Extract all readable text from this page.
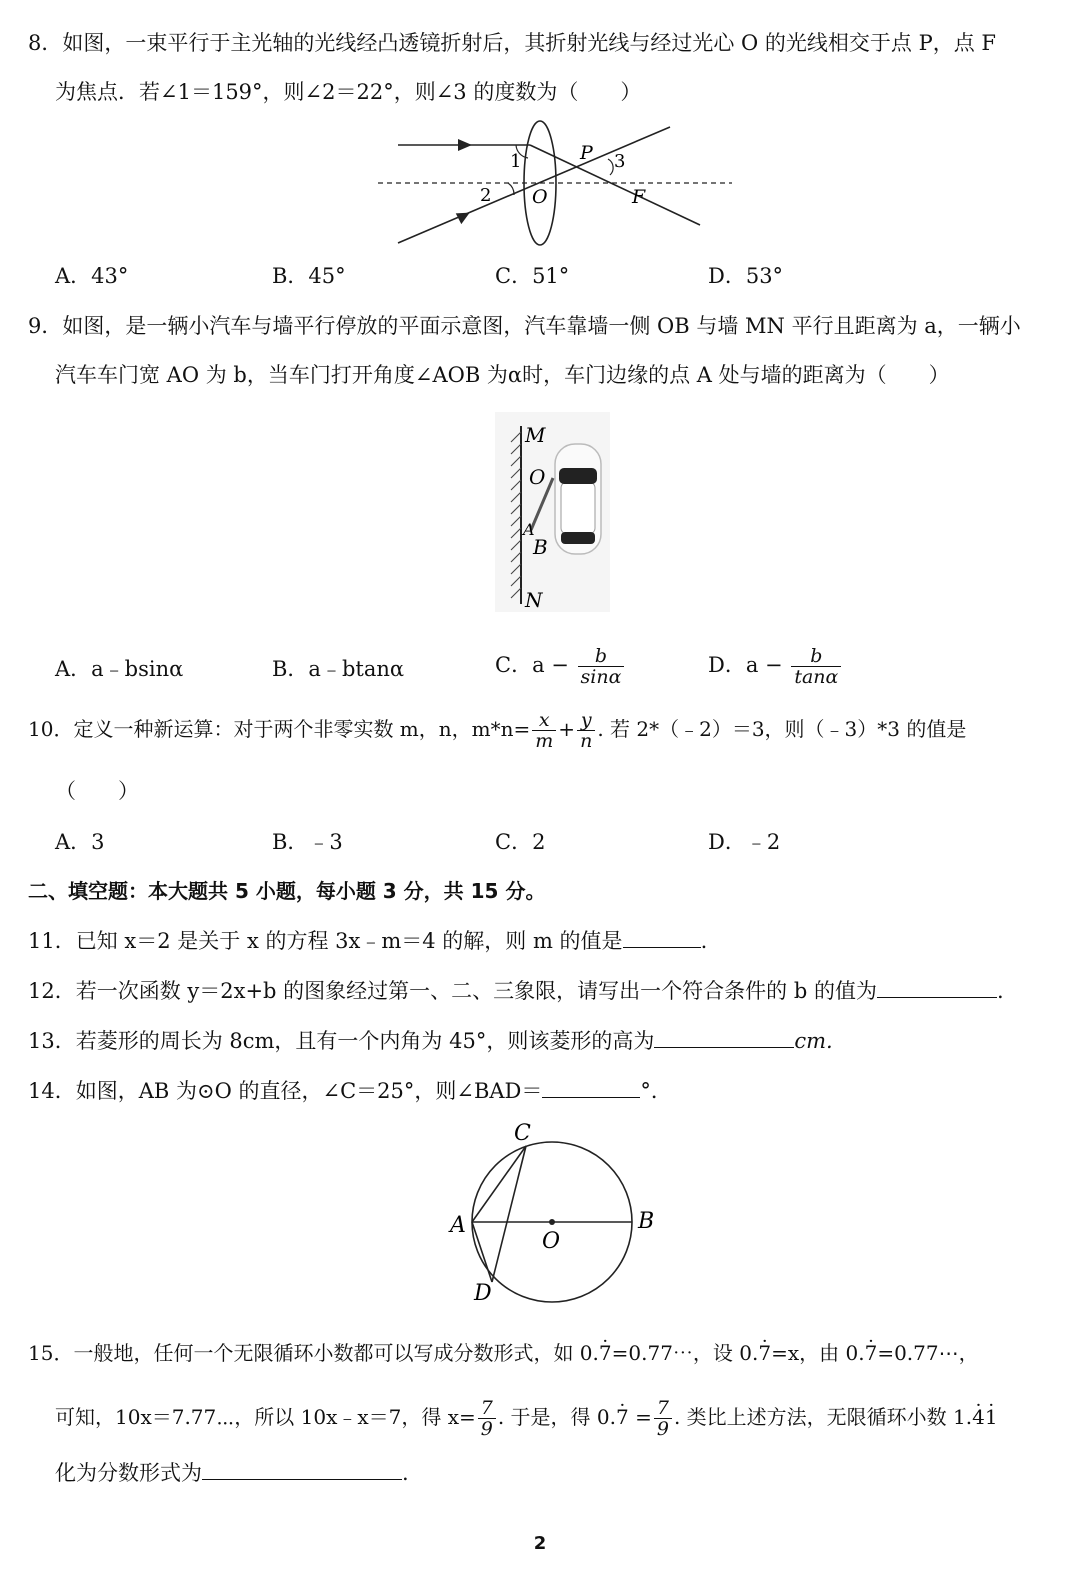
8．如图，一束平行于主光轴的光线经凸透镜折射后，其折射光线与经过光心 O 的光线相交于点 P，点 F
为焦点．若∠1＝159°，则∠2＝22°，则∠3 的度数为（　　）
1
2
3
P
O	F
A．43°	B．45°	C．51°	D．53°
9．如图，是一辆小汽车与墙平行停放的平面示意图，汽车靠墙一侧 OB 与墙 MN 平行且距离为 a，一辆小
汽车车门宽 AO 为 b，当车门打开角度∠AOB 为α时，车门边缘的点 A 处与墙的距离为（　　）
M
O
A
B
N
A．a﹣bsinα	B．a﹣btanα	C．$a - \frac{b}{\sin\alpha}$	D．$a - \frac{b}{\tan\alpha}$
10．定义一种新运算：对于两个非零实数 m，n，$m*n= \frac{x}{m} + \frac{y}{n}$ . 若 2*（﹣2）＝3，则（﹣3）*3 的值是
（　　）
A．3	B．﹣3	C．2	D．﹣2
二、填空题：本大题共 5 小题，每小题 3 分，共 15 分。
11．已知 x＝2 是关于 x 的方程 3x﹣m＝4 的解，则 m 的值是	.
12．若一次函数 y＝2x+b 的图象经过第一、二、三象限，请写出一个符合条件的 b 的值为	.
13．若菱形的周长为 8cm，且有一个内角为 45°，则该菱形的高为	cm.
14．如图，AB 为⊙O 的直径，∠C＝25°，则∠BAD＝	°．
C
A	B
O
D
15．一般地，任何一个无限循环小数都可以写成分数形式，如 0.7 ·=0.77⋯，设 0.7 ·=x，由 0.7 ·=0.77⋯，
可知，10x＝7.77⋯，所以 10x﹣x＝7，得 $x= \frac{7}{9}$ . 于是，得 0.7 · = $\frac{7}{9}$ . 类比上述方法，无限循环小数 1.4 ·1 ·
化为分数形式为	.
2
